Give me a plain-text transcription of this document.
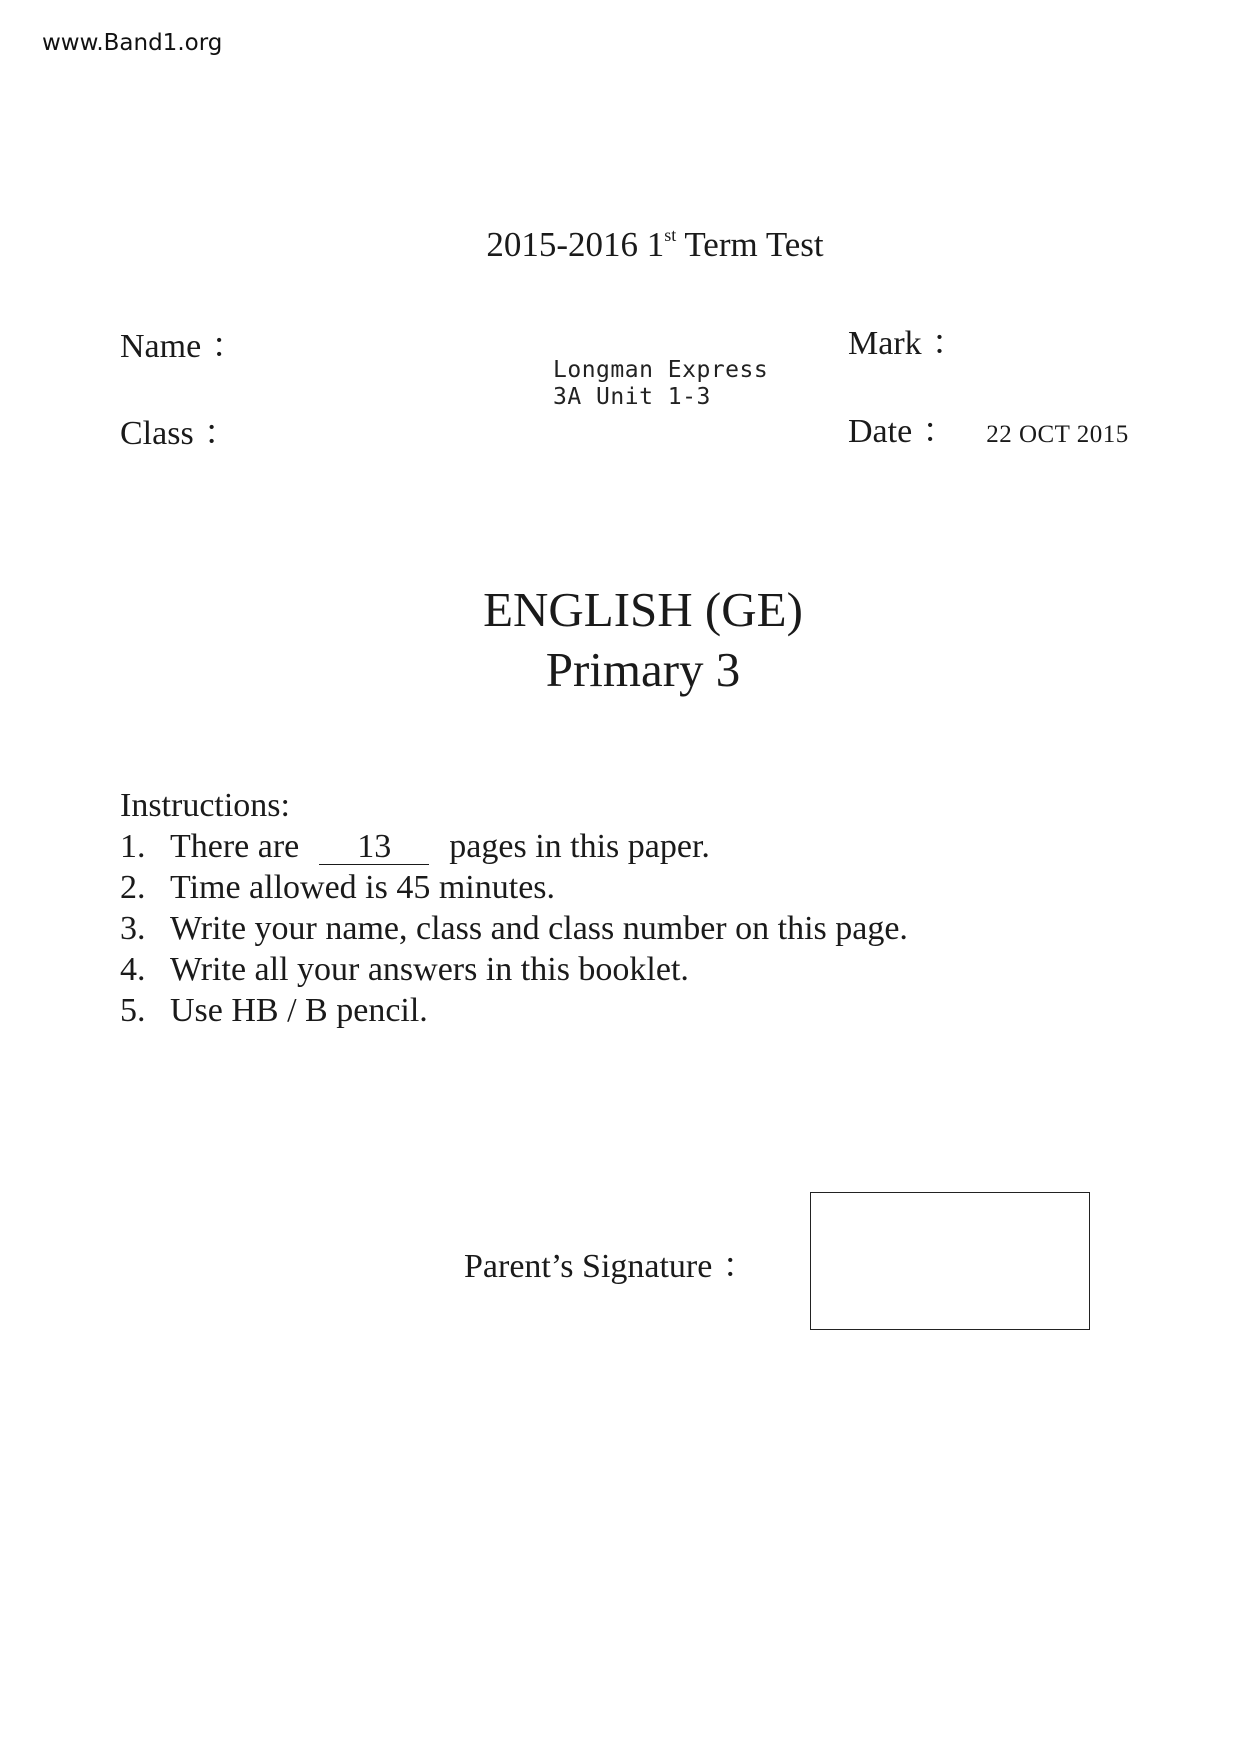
www.Band1.org
2015-2016 1st Term Test
Name ：
Class ：
Mark ：
Date ： 22 OCT 2015
Longman Express
3A Unit 1-3
ENGLISH (GE)
Primary 3
Instructions:
1. There are 13 pages in this paper.
2. Time allowed is 45 minutes.
3. Write your name, class and class number on this page.
4. Write all your answers in this booklet.
5. Use HB / B pencil.
Parent’s Signature ：
